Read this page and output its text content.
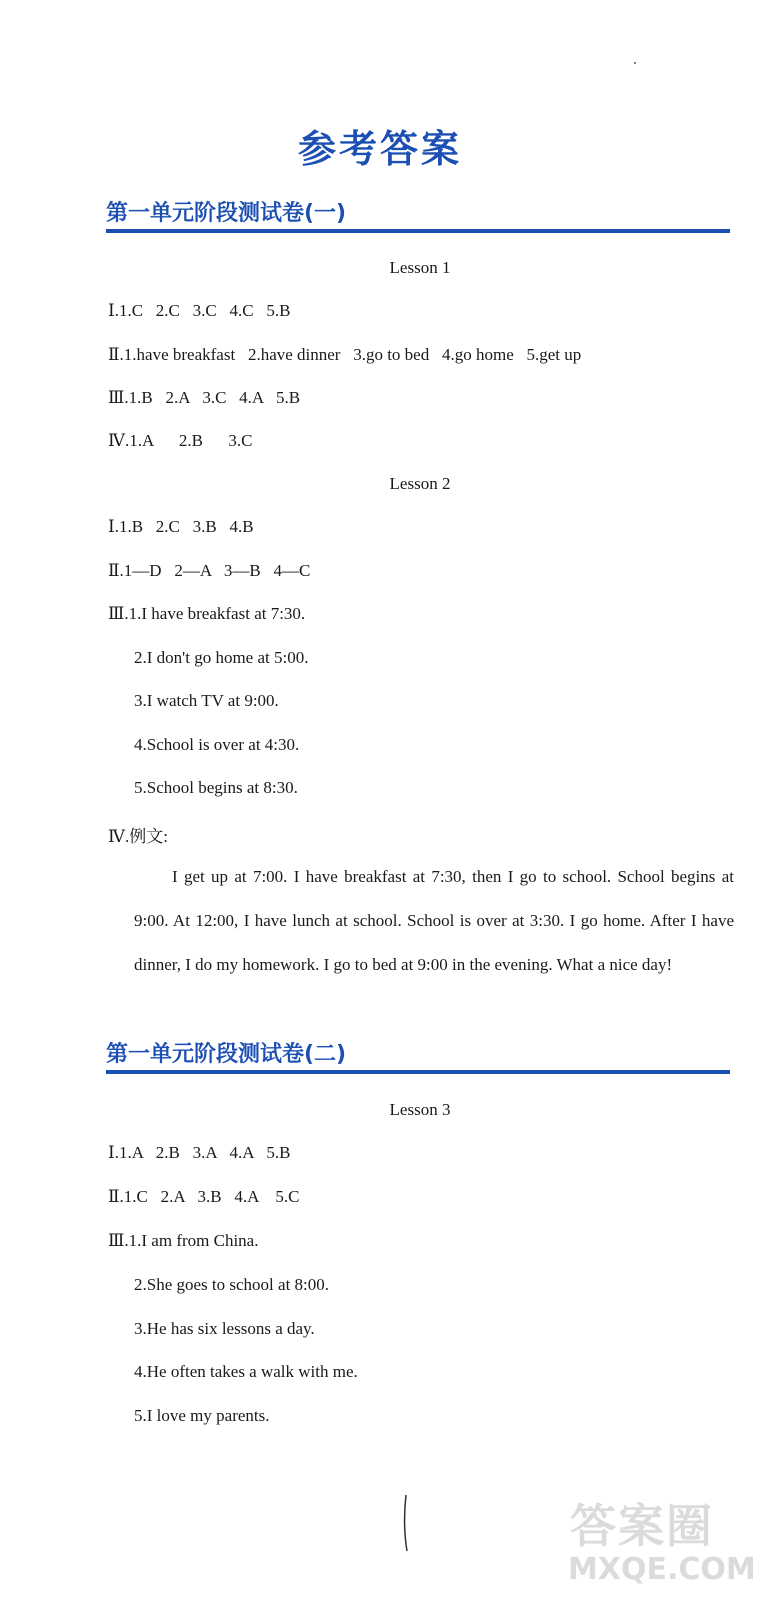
参考答案
第一单元阶段测试卷(一)
Lesson 1
Ⅰ.1.C   2.C   3.C   4.C   5.B
Ⅱ.1.have breakfast   2.have dinner   3.go to bed   4.go home   5.get up
Ⅲ.1.B   2.A   3.C   4.A   5.B
Ⅳ.1.A      2.B      3.C
Lesson 2
Ⅰ.1.B   2.C   3.B   4.B
Ⅱ.1—D   2—A   3—B   4—C
Ⅲ.1.I have breakfast at 7:30.
2.I don't go home at 5:00.
3.I watch TV at 9:00.
4.School is over at 4:30.
5.School begins at 8:30.
Ⅳ.例文:
I get up at 7:00. I have breakfast at 7:30, then I go to school. School begins at 9:00. At 12:00, I have lunch at school. School is over at 3:30. I go home. After I have dinner, I do my homework. I go to bed at 9:00 in the evening. What a nice day!
第一单元阶段测试卷(二)
Lesson 3
Ⅰ.1.A   2.B   3.A   4.A   5.B
Ⅱ.1.C   2.A   3.B   4.A    5.C
Ⅲ.1.I am from China.
2.She goes to school at 8:00.
3.He has six lessons a day.
4.He often takes a walk with me.
5.I love my parents.
答案圈
MXQE.COM
